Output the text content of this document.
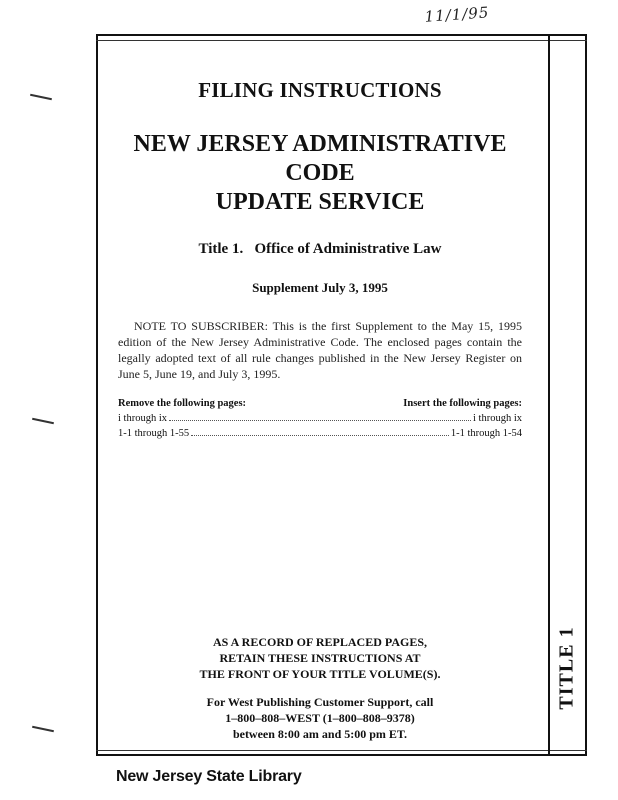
11/1/95
FILING INSTRUCTIONS
NEW JERSEY ADMINISTRATIVE CODE
UPDATE SERVICE
Title 1.   Office of Administrative Law
Supplement July 3, 1995
NOTE TO SUBSCRIBER: This is the first Supplement to the May 15, 1995 edition of the New Jersey Administrative Code. The enclosed pages contain the legally adopted text of all rule changes published in the New Jersey Register on June 5, June 19, and July 3, 1995.
Remove the following pages:	Insert the following pages:
i through ix	i through ix
1-1 through 1-55	1-1 through 1-54
AS A RECORD OF REPLACED PAGES,
RETAIN THESE INSTRUCTIONS AT
THE FRONT OF YOUR TITLE VOLUME(S).
For West Publishing Customer Support, call
1–800–808–WEST (1–800–808–9378)
between 8:00 am and 5:00 pm ET.
TITLE 1
New Jersey State Library
